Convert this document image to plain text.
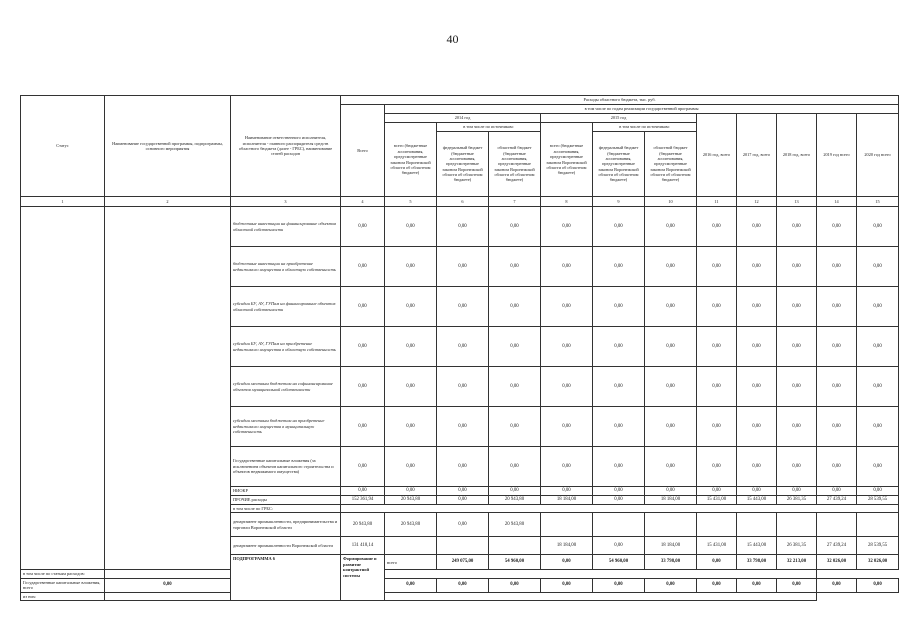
40
Статус	Наименование государственной программы, подпрограммы, основного мероприятия	Наименование ответственного исполнителя, исполнителя - главного распорядителя средств областного бюджета (далее - ГРБС), наименование статей расходов	Расходы областного бюджета, тыс. руб.												
			Всего	в том числе по годам реализации государственной программы											
				2014 год			2015 год			2016 год, всего	2017 год, всего	2018 год, всего	2019 год всего	2020 год всего	
				всего (бюджетные ассигнования, предусмотренные законом Воронежской области об областном бюджете)	в том числе по источникам:		всего (бюджетные ассигнования, предусмотренные законом Воронежской области об областном бюджете)	в том числе по источникам:							
					федеральный бюджет (бюджетные ассигнования, предусмотренные законом Воронежской области об областном бюджете)	областной бюджет (бюджетные ассигнования, предусмотренные законом Воронежской области об областном бюджете)		федеральный бюджет (бюджетные ассигнования, предусмотренные законом Воронежской области об областном бюджете)	областной бюджет (бюджетные ассигнования, предусмотренные законом Воронежской области об областном бюджете)						
1	2	3	4	5	6	7	8	9	10	11	12	13	14	15	
		бюджетные инвестиции на финансирование объектов областной собственности	0,00	0,00	0,00	0,00	0,00	0,00	0,00	0,00	0,00	0,00	0,00	0,00	
		бюджетные инвестиции на приобретение недвижимого имущества в областную собственность	0,00	0,00	0,00	0,00	0,00	0,00	0,00	0,00	0,00	0,00	0,00	0,00	
		субсидии БУ, АУ, ГУПам на финансирование объектов областной собственности	0,00	0,00	0,00	0,00	0,00	0,00	0,00	0,00	0,00	0,00	0,00	0,00	
		субсидии БУ, АУ, ГУПам на приобретение недвижимого имущества в областную собственность	0,00	0,00	0,00	0,00	0,00	0,00	0,00	0,00	0,00	0,00	0,00	0,00	
		субсидии местным бюджетам на софинансирование объектов муниципальной собственности	0,00	0,00	0,00	0,00	0,00	0,00	0,00	0,00	0,00	0,00	0,00	0,00	
		субсидии местным бюджетам на приобретение недвижимого имущества в муниципальную собственность	0,00	0,00	0,00	0,00	0,00	0,00	0,00	0,00	0,00	0,00	0,00	0,00	
		Государственные капитальные вложения (за исключением объектов капитального строительства и объектов недвижимого имущества)	0,00	0,00	0,00	0,00	0,00	0,00	0,00	0,00	0,00	0,00	0,00	0,00	
		НИОКР	0,00	0,00	0,00	0,00	0,00	0,00	0,00	0,00	0,00	0,00	0,00	0,00	
		ПРОЧИЕ расходы	152 361,94	20 943,80	0,00	20 943,80	18 184,00	0,00	18 184,00	15 431,00	15 443,00	26 381,35	27 439,24	28 539,55	
		в том числе по ГРБС:													
		департамент промышленности, предпринимательства и торговли Воронежской области	20 943,80	20 943,80	0,00	20 943,80									
		департамент промышленности Воронежской области	131 418,14				18 184,00	0,00	18 184,00	15 431,00	15 443,00	26 381,35	27 439,24	28 539,55	
		ПОДПРОГРАММА 6	Формирование и развитие контрактной системы	всего	249 075,00	54 960,00	0,00	54 960,00	33 798,00	0,00	33 798,00	32 213,00	32 026,00	32 026,00		
в том числе по статьям расходов:															
Государственные капитальные вложения, всего	0,00			0,00	0,00	0,00	0,00	0,00	0,00	0,00	0,00	0,00	0,00	0,00	
из них:															
